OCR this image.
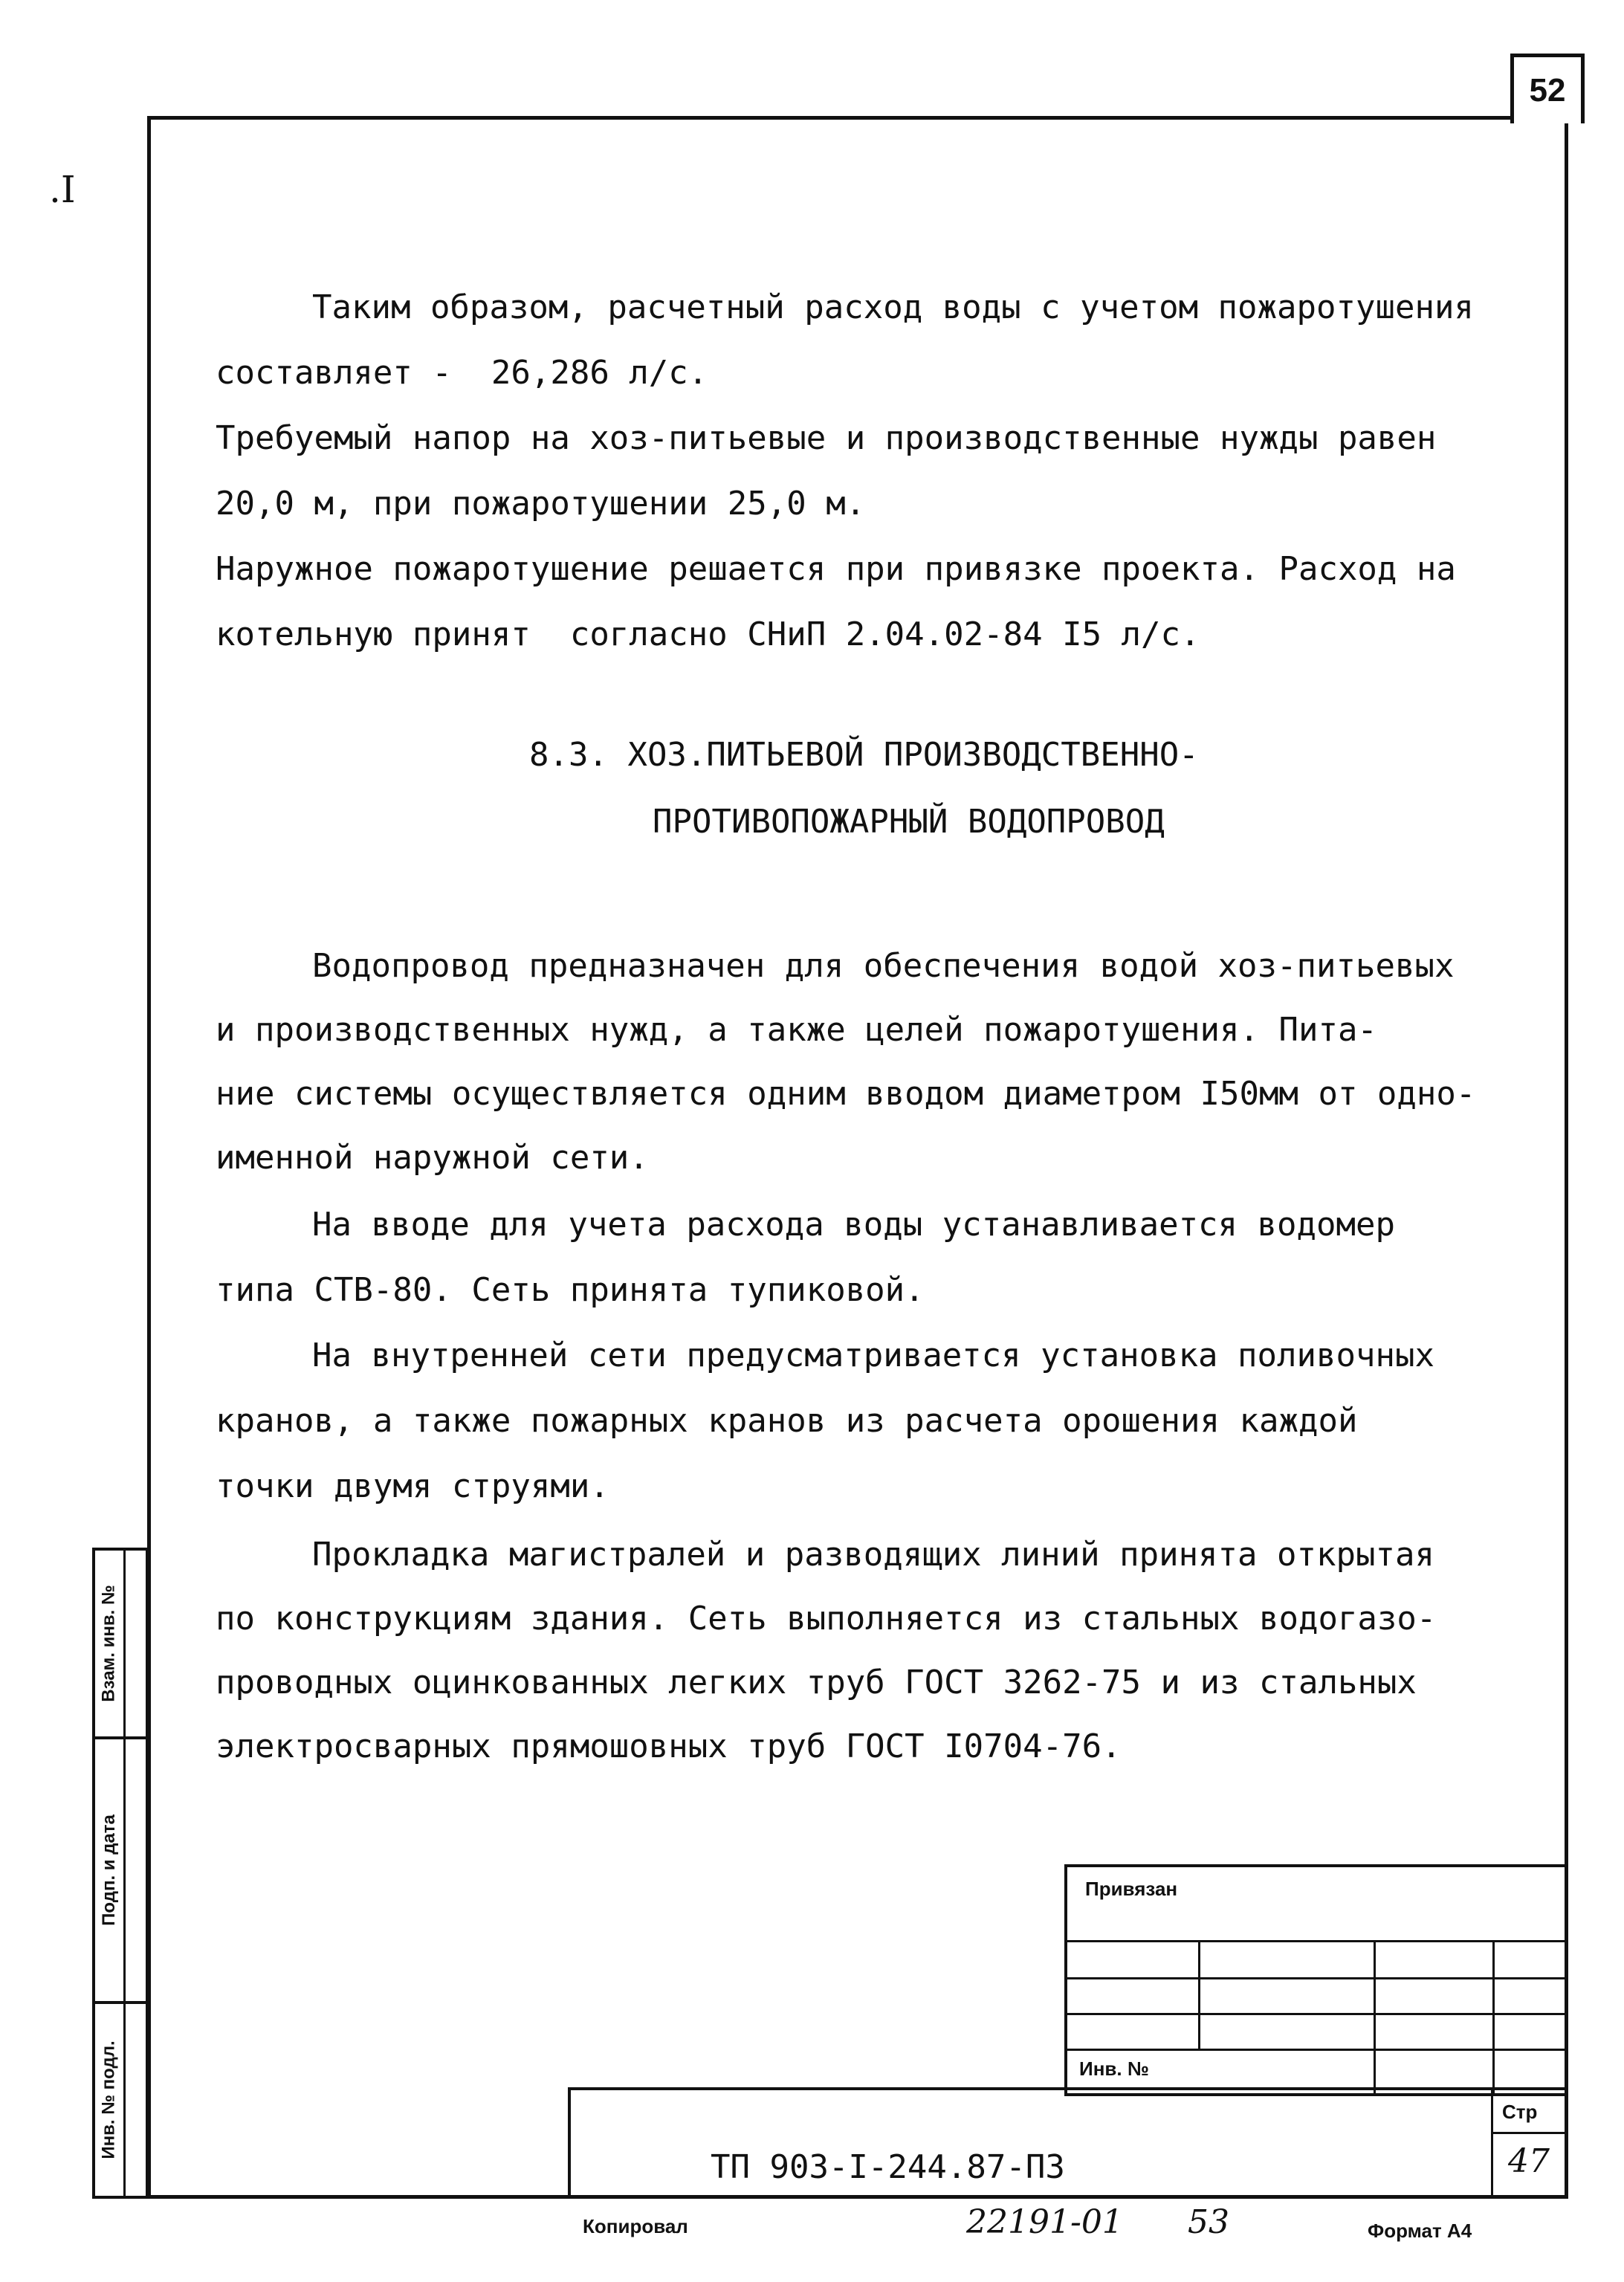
52
.I
Таким образом, расчетный расход воды с учетом пожаротушения
составляет -  26,286 л/с.
Требуемый напор на хоз-питьевые и производственные нужды равен
20,0 м, при пожаротушении 25,0 м.
Наружное пожаротушение решается при привязке проекта. Расход на
котельную принят  согласно СНиП 2.04.02-84 I5 л/с.
8.3. ХОЗ.ПИТЬЕВОЙ ПРОИЗВОДСТВЕННО-
ПРОТИВОПОЖАРНЫЙ ВОДОПРОВОД
Водопровод предназначен для обеспечения водой хоз-питьевых
и производственных нужд, а также целей пожаротушения. Пита-
ние системы осуществляется одним вводом диаметром I50мм от одно-
именной наружной сети.
На вводе для учета расхода воды устанавливается водомер
типа СТВ-80. Сеть принята тупиковой.
На внутренней сети предусматривается установка поливочных
кранов, а также пожарных кранов из расчета орошения каждой
точки двумя струями.
Прокладка магистралей и разводящих линий принята открытая
по конструкциям здания. Сеть выполняется из стальных водогазо-
проводных оцинкованных легких труб ГОСТ 3262-75 и из стальных
электросварных прямошовных труб ГОСТ I0704-76.
Взам. инв. №
Подп. и дата
Инв. № подл.
Привязан
Инв. №
ТП 903-I-244.87-ПЗ
Стр
47
Копировал	22191-01 53	Формат А4
